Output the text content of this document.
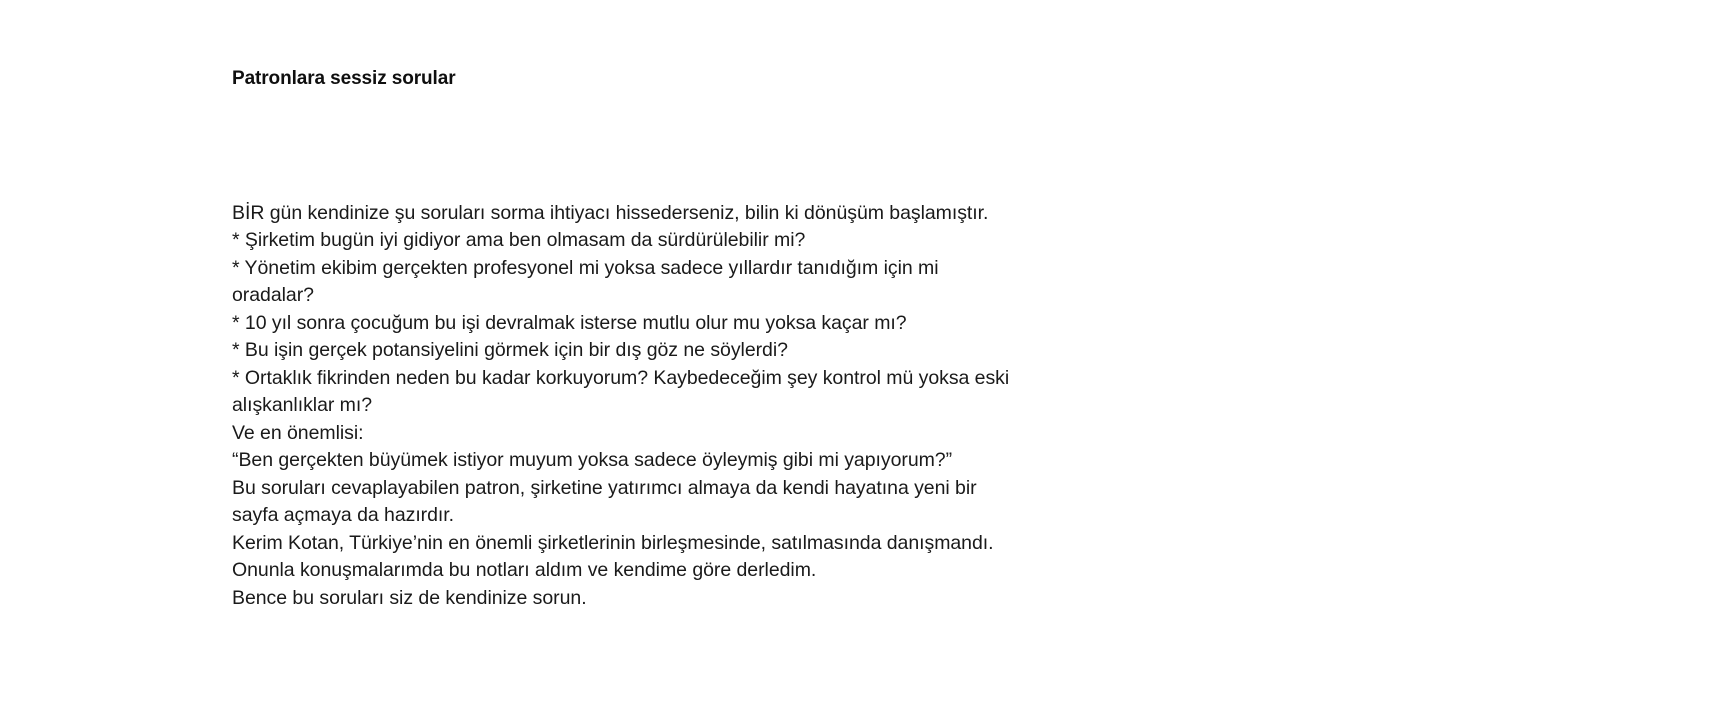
Patronlara sessiz sorular

BİR gün kendinize şu soruları sorma ihtiyacı hissederseniz, bilin ki dönüşüm başlamıştır.

* Şirketim bugün iyi gidiyor ama ben olmasam da sürdürülebilir mi?

* Yönetim ekibim gerçekten profesyonel mi yoksa sadece yıllardır tanıdığım için mi oradalar?

* 10 yıl sonra çocuğum bu işi devralmak isterse mutlu olur mu yoksa kaçar mı?

* Bu işin gerçek potansiyelini görmek için bir dış göz ne söylerdi?

* Ortaklık fikrinden neden bu kadar korkuyorum? Kaybedeceğim şey kontrol mü yoksa eski alışkanlıklar mı?

Ve en önemlisi:

“Ben gerçekten büyümek istiyor muyum yoksa sadece öyleymiş gibi mi yapıyorum?”

Bu soruları cevaplayabilen patron, şirketine yatırımcı almaya da kendi hayatına yeni bir sayfa açmaya da hazırdır.

Kerim Kotan, Türkiye’nin en önemli şirketlerinin birleşmesinde, satılmasında danışmandı. Onunla konuşmalarımda bu notları aldım ve kendime göre derledim.

Bence bu soruları siz de kendinize sorun.
